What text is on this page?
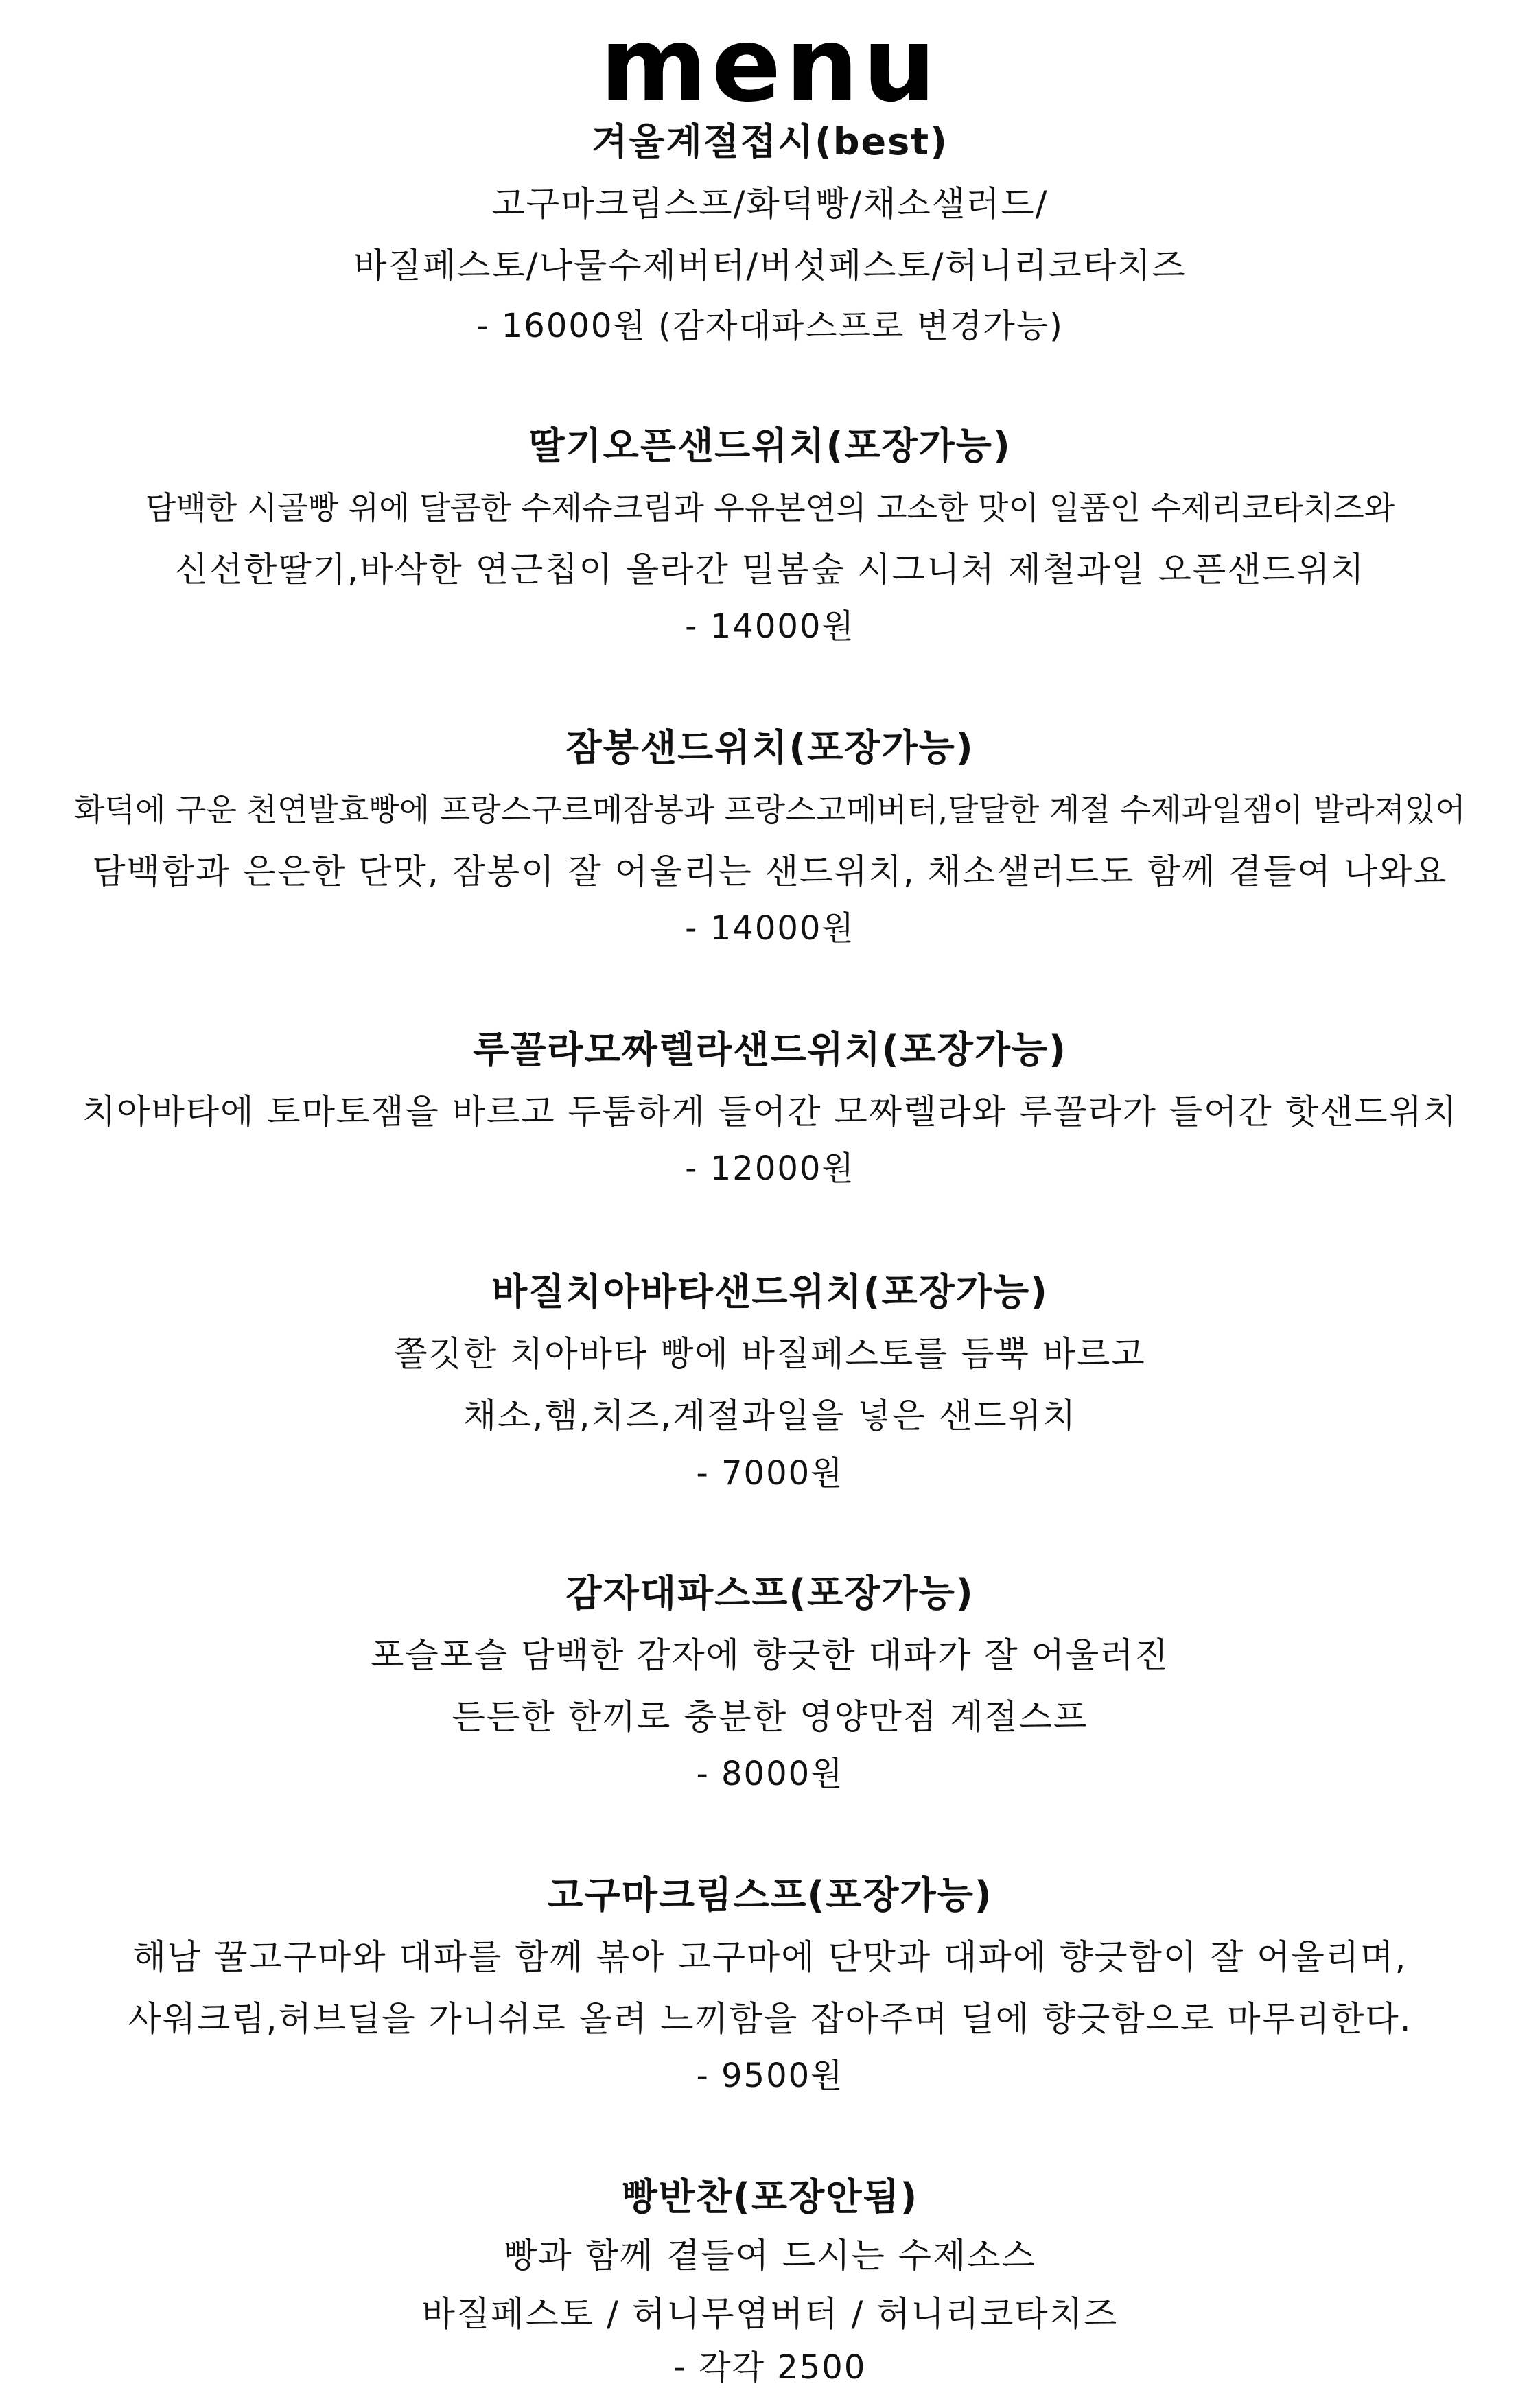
menu
겨울계절접시(best)
고구마크림스프/화덕빵/채소샐러드/
바질페스토/나물수제버터/버섯페스토/허니리코타치즈
- 16000원 (감자대파스프로 변경가능)
딸기오픈샌드위치(포장가능)
담백한 시골빵 위에 달콤한 수제슈크림과 우유본연의 고소한 맛이 일품인 수제리코타치즈와
신선한딸기,바삭한 연근칩이 올라간 밀봄숲 시그니처 제철과일 오픈샌드위치
- 14000원
잠봉샌드위치(포장가능)
화덕에 구운 천연발효빵에 프랑스구르메잠봉과 프랑스고메버터,달달한 계절 수제과일잼이 발라져있어
담백함과 은은한 단맛, 잠봉이 잘 어울리는 샌드위치, 채소샐러드도 함께 곁들여 나와요
- 14000원
루꼴라모짜렐라샌드위치(포장가능)
치아바타에 토마토잼을 바르고 두툼하게 들어간 모짜렐라와 루꼴라가 들어간 핫샌드위치
- 12000원
바질치아바타샌드위치(포장가능)
쫄깃한 치아바타 빵에 바질페스토를 듬뿍 바르고
채소,햄,치즈,계절과일을 넣은 샌드위치
- 7000원
감자대파스프(포장가능)
포슬포슬 담백한 감자에 향긋한 대파가 잘 어울러진
든든한 한끼로 충분한 영양만점 계절스프
- 8000원
고구마크림스프(포장가능)
해남 꿀고구마와 대파를 함께 볶아 고구마에 단맛과 대파에 향긋함이 잘 어울리며,
사워크림,허브딜을 가니쉬로 올려 느끼함을 잡아주며 딜에 향긋함으로 마무리한다.
- 9500원
빵반찬(포장안됨)
빵과 함께 곁들여 드시는 수제소스
바질페스토 / 허니무염버터 / 허니리코타치즈
- 각각 2500
